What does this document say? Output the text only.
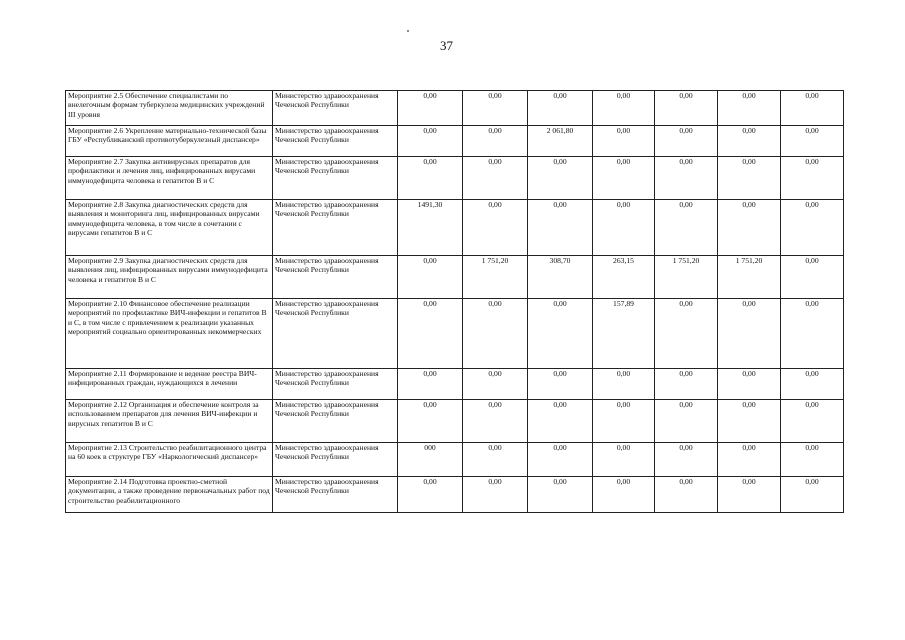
37
Мероприятие 2.5 Обеспечение специалистами по внелегочным формам туберкулеза медицинских учреждений III уровня	Министерство здравоохранения Чеченской Республики	0,00	0,00	0,00	0,00	0,00	0,00	0,00
Мероприятие 2.6 Укрепление материально-технической базы ГБУ «Республиканский противотуберкулезный диспансер»	Министерство здравоохранения Чеченской Республики	0,00	0,00	2 061,80	0,00	0,00	0,00	0,00
Мероприятие 2.7 Закупка антивирусных препаратов для профилактики и лечения лиц, инфицированных вирусами иммунодефицита человека и гепатитов В и С	Министерство здравоохранения Чеченской Республики	0,00	0,00	0,00	0,00	0,00	0,00	0,00
Мероприятие 2.8 Закупка диагностических средств для выявления и мониторинга лиц, инфицированных вирусами иммунодефицита человека, в том числе в сочетании с вирусами гепатитов В и С	Министерство здравоохранения Чеченской Республики	1491,30	0,00	0,00	0,00	0,00	0,00	0,00
Мероприятие 2.9 Закупка диагностических средств для выявления лиц, инфицированных вирусами иммунодефицита человека и гепатитов В и С	Министерство здравоохранения Чеченской Республики	0,00	1 751,20	308,70	263,15	1 751,20	1 751,20	0,00
Мероприятие 2.10 Финансовое обеспечение реализации мероприятий по профилактике ВИЧ-инфекции и гепатитов В и С, в том числе с привлечением к реализации указанных мероприятий социально ориентированных некоммерческих	Министерство здравоохранения Чеченской Республики	0,00	0,00	0,00	157,89	0,00	0,00	0,00
Мероприятие 2.11 Формирование и ведение реестра ВИЧ-инфицированных граждан, нуждающихся в лечении	Министерство здравоохранения Чеченской Республики	0,00	0,00	0,00	0,00	0,00	0,00	0,00
Мероприятие 2.12 Организация и обеспечение контроля за использованием препаратов для лечения ВИЧ-инфекции и вирусных гепатитов В и С	Министерство здравоохранения Чеченской Республики	0,00	0,00	0,00	0,00	0,00	0,00	0,00
Мероприятие 2.13 Строительство реабилитационного центра на 60 коек в структуре ГБУ «Наркологический диспансер»	Министерство здравоохранения Чеченской Республики	000	0,00	0,00	0,00	0,00	0,00	0,00
Мероприятие 2.14 Подготовка проектно-сметной документации, а также проведение первоначальных работ под строительство реабилитационного	Министерство здравоохранения Чеченской Республики	0,00	0,00	0,00	0,00	0,00	0,00	0,00
